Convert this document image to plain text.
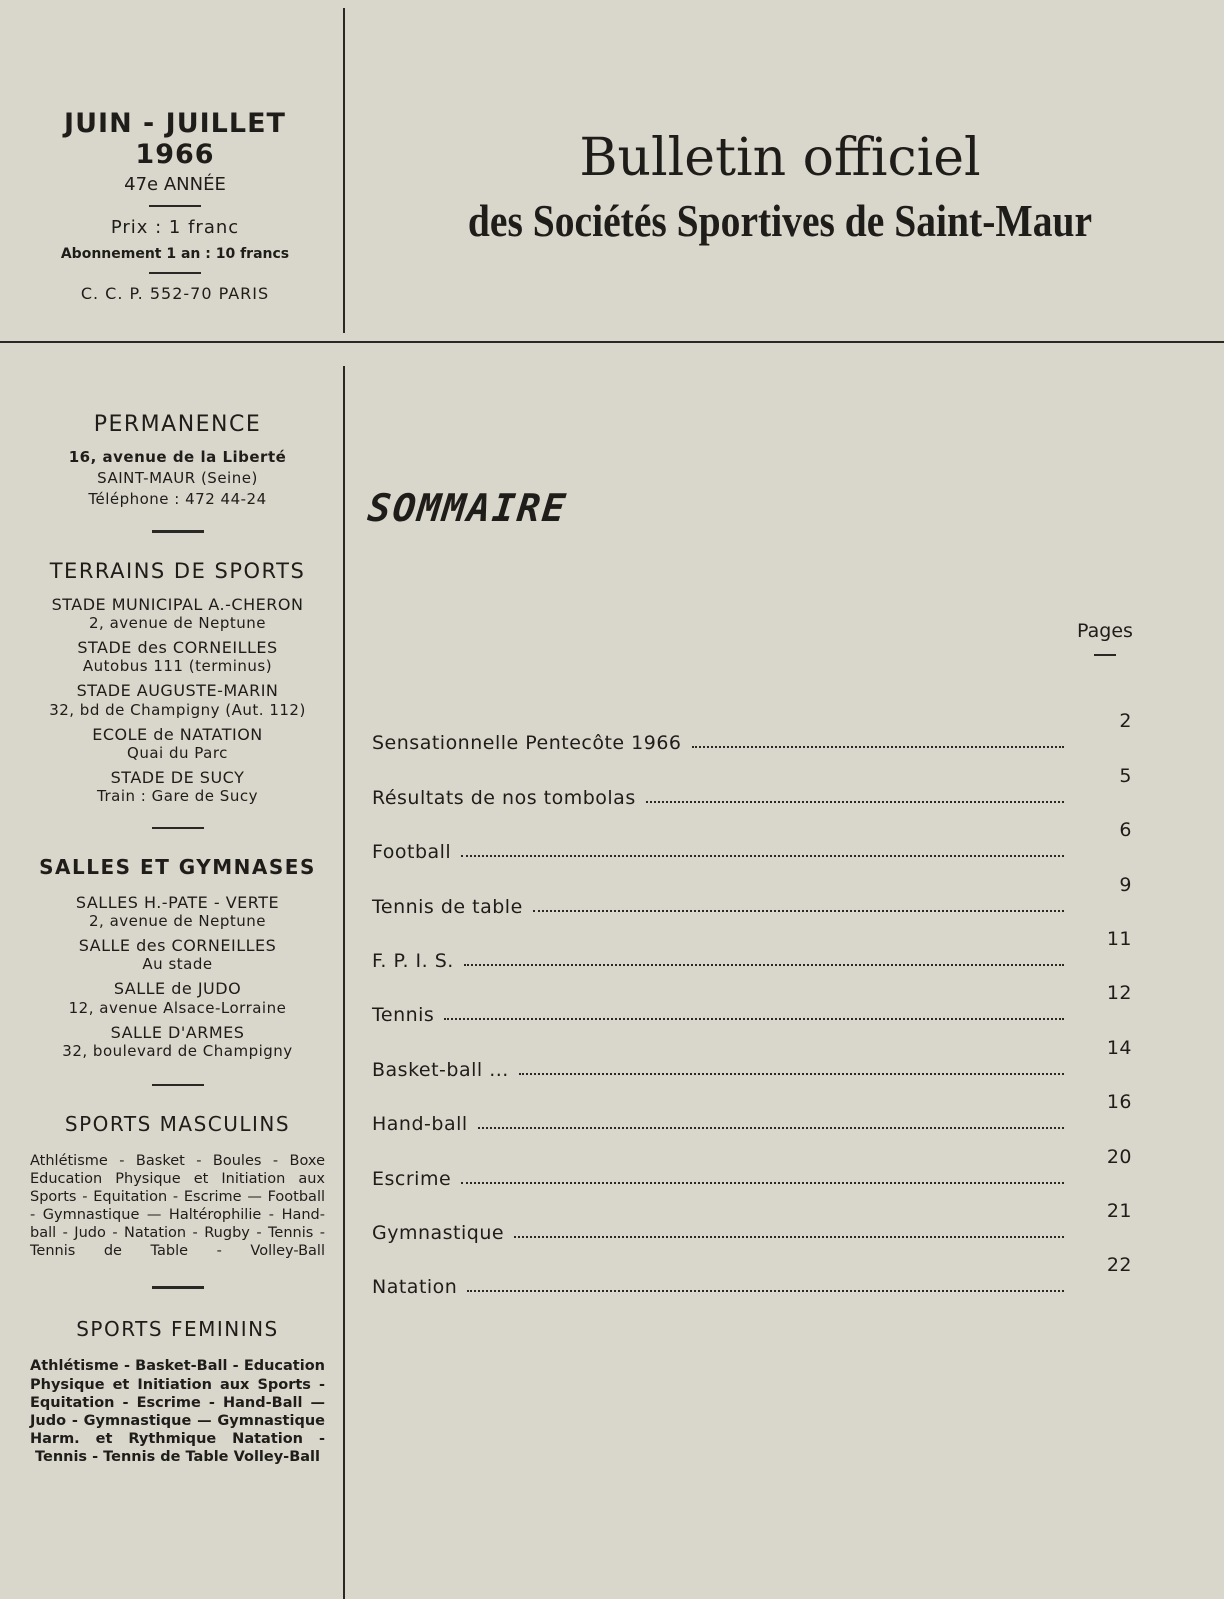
JUIN - JUILLET 1966
47e ANNÉE
Prix : 1 franc
Abonnement 1 an : 10 francs
C. C. P. 552-70 PARIS
Bulletin officiel
des Sociétés Sportives de Saint-Maur
PERMANENCE
16, avenue de la Liberté
SAINT-MAUR (Seine)
Téléphone : 472 44-24
TERRAINS DE SPORTS
STADE MUNICIPAL A.-CHERON
2, avenue de Neptune
STADE des CORNEILLES
Autobus 111 (terminus)
STADE AUGUSTE-MARIN
32, bd de Champigny (Aut. 112)
ECOLE de NATATION
Quai du Parc
STADE DE SUCY
Train : Gare de Sucy
SALLES ET GYMNASES
SALLES H.-PATE - VERTE
2, avenue de Neptune
SALLE des CORNEILLES
Au stade
SALLE de JUDO
12, avenue Alsace-Lorraine
SALLE D'ARMES
32, boulevard de Champigny
SPORTS MASCULINS
Athlétisme - Basket - Boules - Boxe Education Physique et Initiation aux Sports - Equitation - Escrime — Football - Gymnastique — Haltérophilie - Hand-ball - Judo - Natation - Rugby - Tennis - Tennis de Table - Volley-Ball
SPORTS FEMININS
Athlétisme - Basket-Ball - Education Physique et Initiation aux Sports - Equitation - Escrime - Hand-Ball — Judo - Gymnastique — Gymnastique Harm. et Rythmique Natation - Tennis - Tennis de Table Volley-Ball
SOMMAIRE
Pages
Sensationnelle Pentecôte 1966
2
Résultats de nos tombolas
5
Football
6
Tennis de table
9
F. P. I. S.
11
Tennis
12
Basket-ball ...
14
Hand-ball
16
Escrime
20
Gymnastique
21
Natation
22
